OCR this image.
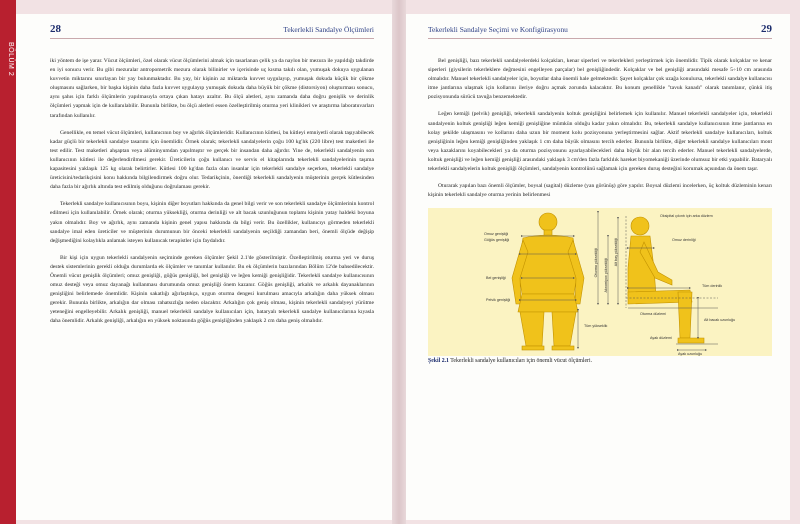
BÖLÜM 2
28	Tekerlekli Sandalye Ölçümleri

iki yöntem de işe yarar. Vücut ölçümleri, özel olarak vücut ölçümlerini almak için tasarlanan çelik ya da naylon bir mezura ile yapıldığı takdirde en iyi sonucu verir. Bu gibi mezuralar antropometrik mezura olarak bilinirler ve içerisinde uç kısma takılı olan, yumuşak dokuya uygulanan kuvvetin miktarını sınırlayan bir yay bulunmaktadır. Bu yay, bir kişinin az miktarda kuvvet uygulayıp, yumuşak dokuda küçük bir çökme oluşmasını sağlarken, bir başka kişinin daha fazla kuvvet uygulayıp yumuşak dokuda daha büyük bir çökme (distorsiyon) oluşturması sonucu, aynı şahıs için farklı ölçümlerin yapılmasıyla ortaya çıkan hatayı azaltır. Bu ölçü aletleri, aynı zamanda daha doğru genişlik ve derinlik ölçümleri yapmak için de kullanılabilir. Bununla birlikte, bu ölçü aletleri essen özelleştirilmiş oturma yeri klinikleri ve araştırma laboratuvarları tarafından kullanılır.

Genellikle, en temel vücut ölçümleri, kullanıcının boy ve ağırlık ölçümleridir. Kullanıcının kütlesi, bu kütleyi emniyetli olarak taşıyabilecek kadar güçlü bir tekerlekli sandalye tasarımı için önemlidir. Örnek olarak; tekerlekli sandalyelerin çoğu 100 kg'lık (220 libre) test maketleri ile test edilir. Test maketleri ahşaptan veya alüminyumdan yapılmıştır ve gerçek bir insandan daha ağırdır. Yine de, tekerlekli sandalyenin son kullanıcının kütlesi ile değerlendirilmesi gerekir. Üreticilerin çoğu kullanıcı ve servis el kitaplarında tekerlekli sandalyelerinin taşıma kapasitesini yaklaşık 125 kg olarak belirtirler. Kütlesi 100 kg'dan fazla olan insanlar için tekerlekli sandalye seçerken, tekerlekli sandalye üreticisini/tedarikçisini konu hakkında bilgilendirmek doğru olur. Tedarikçinin, önerdiği tekerlekli sandalyenin müşterinin gerçek kütlesinden daha fazla bir ağırlık altında test edilmiş olduğunu doğrulaması gerekir.

Tekerlekli sandalye kullanıcısının boyu, kişinin diğer boyutları hakkında da genel bilgi verir ve son tekerlekli sandalye ölçümlerinin kontrol edilmesi için kullanılabilir. Örnek olarak; oturma yüksekliği, oturma derinliği ve alt bacak uzunluğunun toplamı kişinin yatay haldeki boyuna yakın olmalıdır. Boy ve ağırlık, aynı zamanda kişinin genel yapısı hakkında da bilgi verir. Bu özellikler, kullanıcıyı görmeden tekerlekli sandalye imal eden üreticiler ve müşterinin durumunun bir önceki tekerlekli sandalyenin seçildiği zamandan beri, önemli ölçüde değişip değişmediğini kolaylıkla anlamak isteyen kullanıcak terapistler için faydalıdır.

Bir kişi için uygun tekerlekli sandalyenin seçiminde gereken ölçümler Şekil 2.1'de gösterilmiştir. Özelleştirilmiş oturma yeri ve duruş destek sistemlerinin gerekli olduğu durumlarda ek ölçümler ve tanımlar kullanılır. Bu ek ölçümlerin bazılarından Bölüm 12'de bahsedilecektir. Önemli vücut genişlik ölçümleri; omuz genişliği, göğüs genişliği, bel genişliği ve leğen kemiği genişliğidir. Tekerlekli sandalye kullanıcısının omuz desteği veya omuz dayanağı kullanması durumunda omuz genişliği önem kazanır. Göğüs genişliği, arkalık ve arkalık dayanaklarının genişliğini belirlemede önemlidir. Kişinin sakatlığı ağırlaştıkça, uygun oturma dengesi kurulması amacıyla arkalığın daha yüksek olması gerekir. Bununla birlikte, arkalığın dar olması rahatsızlığa neden olacaktır. Arkalığın çok geniş olması, kişinin tekerlekli sandalyeyi yürütme yeteneğini engelleyebilir. Arkalık genişliği, manuel tekerlekli sandalye kullanıcıları için, bataryalı tekerlekli sandalye kullanıcılarına kıyasla daha önemlidir. Arkalık genişliği, arkalığın en yüksek noktasında göğüs genişliğinden yaklaşık 2 cm daha geniş olmalıdır.

Tekerlekli Sandalye Seçimi ve Konfigürasyonu	29

Bel genişliği, bazı tekerlekli sandalyelerdeki kolçakları, kenar siperleri ve tekerlekleri yerleştirmek için önemlidir. Tipik olarak kolçaklar ve kenar siperleri (giysilerin tekerleklere değmesini engelleyen parçalar) bel genişliğindedir. Kolçaklar ve bel genişliği arasındaki mesafe 5÷10 cm arasında olmalıdır. Manuel tekerlekli sandalyeler için, boyutlar daha önemli hale gelmektedir. Şayet kolçaklar çok uzağa konulursa, tekerlekli sandalye kullanıcısı itme jantlarına ulaşmak için kollarını ileriye doğru açmak zorunda kalacaktır. Bu konum genellikle "tavuk kanadı" olarak tanımlanır, çünkü itiş pozisyonunda sürücü tavuğa benzemektedir.

Leğen kemiği (pelvik) genişliği, tekerlekli sandalyenin koltuk genişliğini belirlemek için kullanılır. Manuel tekerlekli sandalyeler için, tekerlekli sandalyenin koltuk genişliği leğen kemiği genişliğine mümkün olduğu kadar yakın olmalıdır. Bu, tekerlekli sandalye kullanıcısının itme jantlarına en kolay şekilde ulaşmasını ve kollarını daha uzun bir moment kolu pozisyonuna yerleştirmesini sağlar. Aktif tekerlekli sandalye kullanıcıları, koltuk genişliğinin leğen kemiği genişliğinden yaklaşık 1 cm daha büyük olmasını tercih ederler. Bununla birlikte, diğer tekerlekli sandalye kullanıcıları mont veya kazaklarını koyabilecekleri ya da oturma pozisyonunu ayarlayabilecekleri daha büyük bir alan tercih ederler. Manuel tekerlekli sandalyelerde, koltuk genişliği ve leğen kemiği genişliği arasındaki yaklaşık 3 cm'den fazla farklılık hareket biyomekaniği üzerinde olumsuz bir etki yapabilir. Bataryalı tekerlekli sandalyelerin koltuk genişliği ölçümleri, sandalyenin kontrolünü sağlamak için gereken duruş desteğini korumak açısından da önem taşır.

Oturarak yapılan bazı önemli ölçümler, boysal (sagital) düzleme (yan görünüş) göre yapılır. Boysal düzlemi incelerken, üç koltuk düzleminin kenarı kişinin tekerlekli sandalye oturma yerinin belirlenmesi

Omuz genişliği
Göğüs genişliği
Bel genişliği
Pelvik genişliği
Oturma yüksekliği Akromiyon yüksekliği
Alt baş yüksekliği
Oksipital çıkıntı için arka düzlem
Omuz derinliği
Tüm derinlik
Oturma düzlemi
Alt bacak uzunluğu
Tüm yükseklik
Ayak düzlemi
Ayak uzunluğu
Şekil 2.1 Tekerlekli sandalye kullanıcıları için önemli vücut ölçümleri.
